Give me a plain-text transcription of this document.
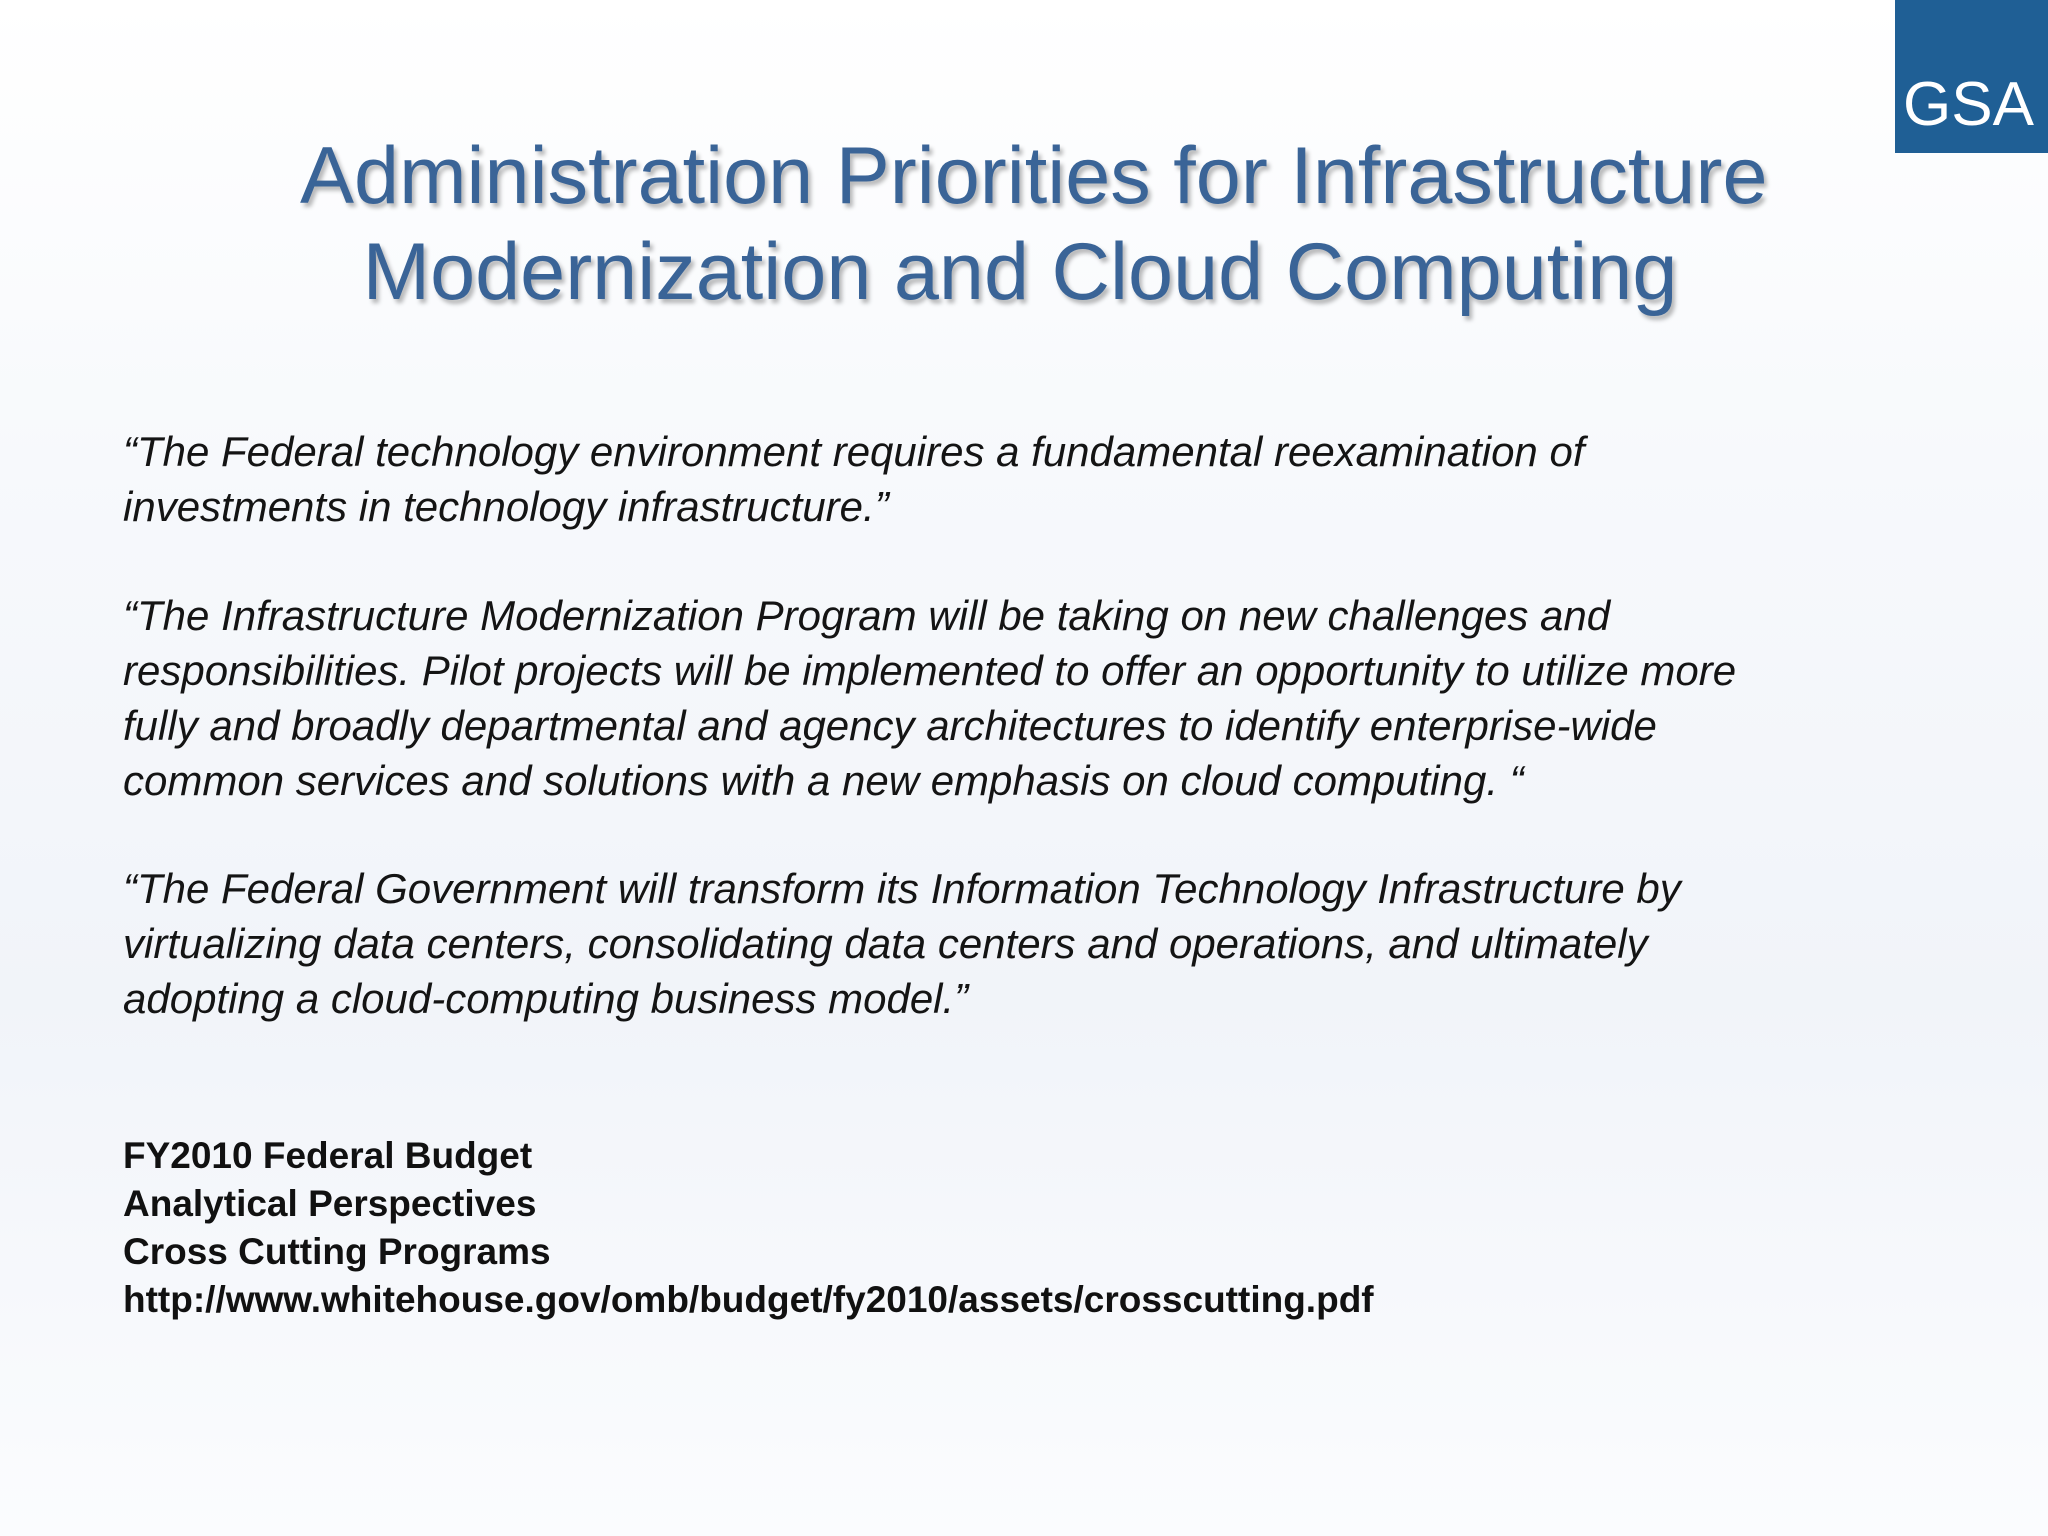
Administration Priorities for Infrastructure
Modernization and Cloud Computing
GSA

“The Federal technology environment requires a fundamental reexamination of
investments in technology infrastructure.”

“The Infrastructure Modernization Program will be taking on new challenges and
responsibilities. Pilot projects will be implemented to offer an opportunity to utilize more
fully and broadly departmental and agency architectures to identify enterprise-wide
common services and solutions with a new emphasis on cloud computing. “

“The Federal Government will transform its Information Technology Infrastructure by
virtualizing data centers, consolidating data centers and operations, and ultimately
adopting a cloud-computing business model.”

FY2010 Federal Budget
Analytical Perspectives
Cross Cutting Programs
http://www.whitehouse.gov/omb/budget/fy2010/assets/crosscutting.pdf
